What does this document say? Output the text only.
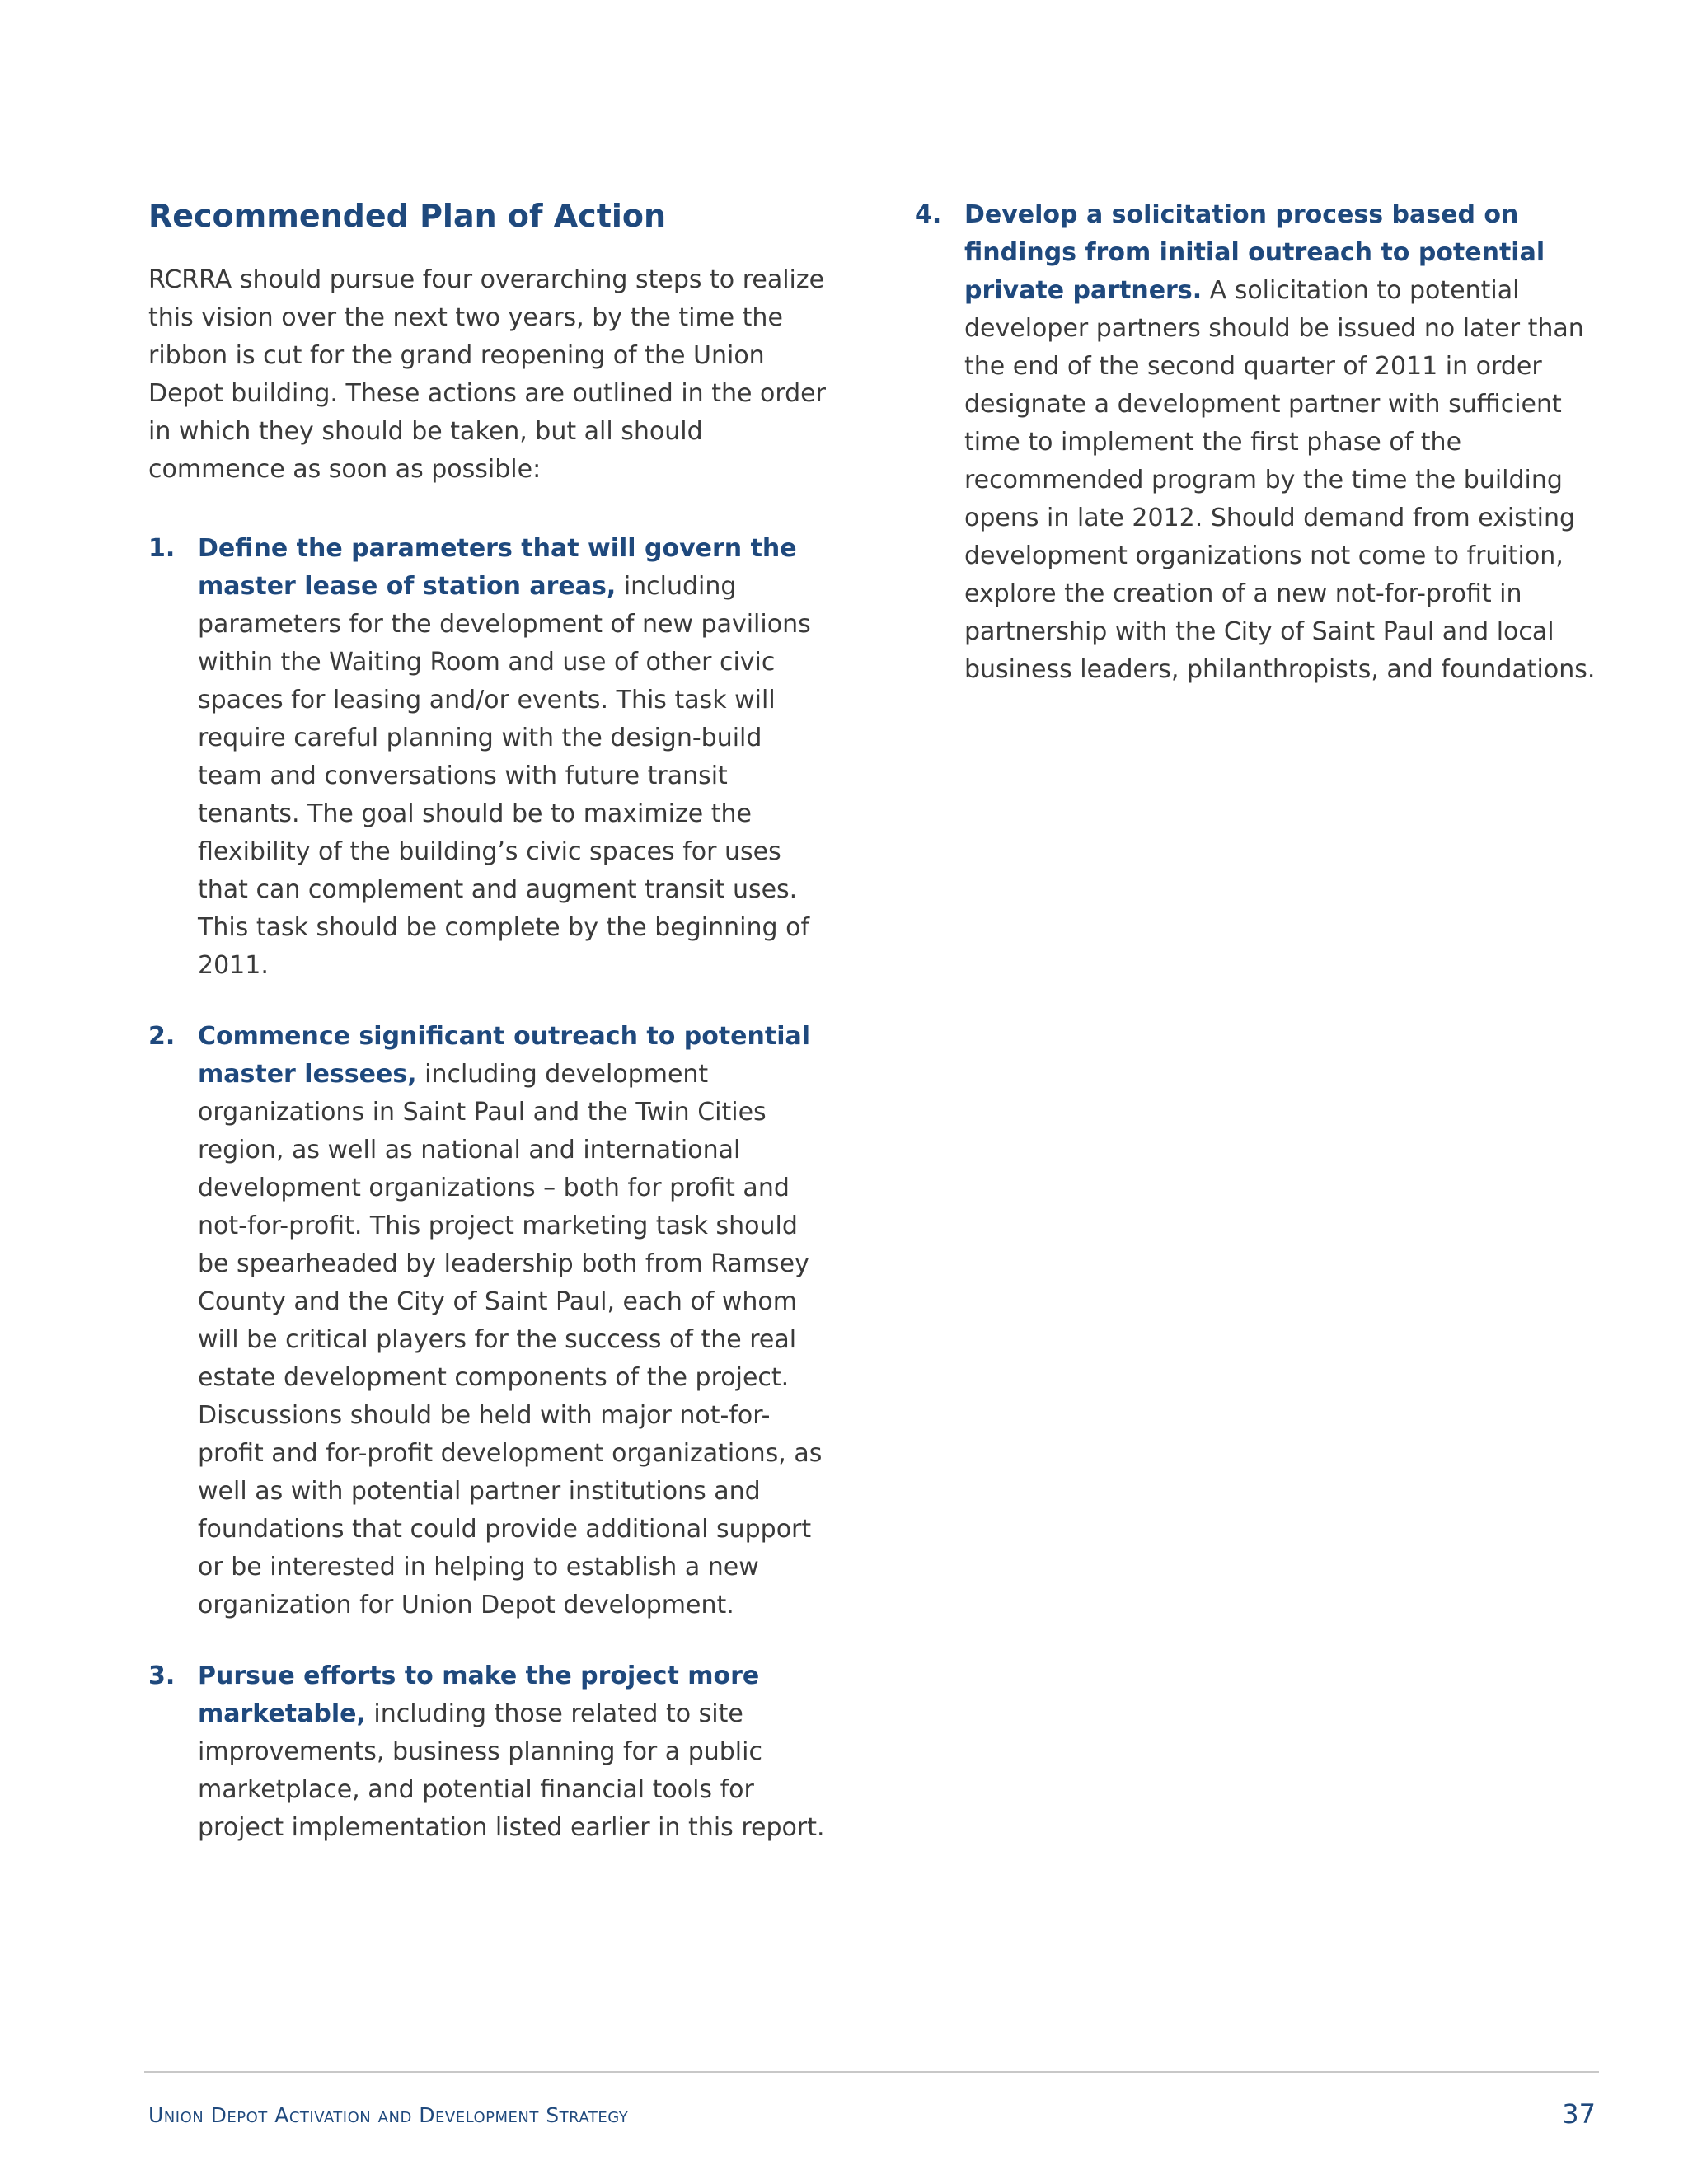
Recommended Plan of Action

RCRRA should pursue four overarching steps to realize this vision over the next two years, by the time the ribbon is cut for the grand reopening of the Union Depot building. These actions are outlined in the order in which they should be taken, but all should commence as soon as possible:

1. Define the parameters that will govern the master lease of station areas, including parameters for the development of new pavilions within the Waiting Room and use of other civic spaces for leasing and/or events. This task will require careful planning with the design-build team and conversations with future transit tenants. The goal should be to maximize the flexibility of the building’s civic spaces for uses that can complement and augment transit uses. This task should be complete by the beginning of 2011.
2. Commence significant outreach to potential master lessees, including development organizations in Saint Paul and the Twin Cities region, as well as national and international development organizations – both for profit and not-for-profit. This project marketing task should be spearheaded by leadership both from Ramsey County and the City of Saint Paul, each of whom will be critical players for the success of the real estate development components of the project. Discussions should be held with major not-for-profit and for-profit development organizations, as well as with potential partner institutions and foundations that could provide additional support or be interested in helping to establish a new organization for Union Depot development.
3. Pursue efforts to make the project more marketable, including those related to site improvements, business planning for a public marketplace, and potential financial tools for project implementation listed earlier in this report.
4. Develop a solicitation process based on findings from initial outreach to potential private partners. A solicitation to potential developer partners should be issued no later than the end of the second quarter of 2011 in order designate a development partner with sufficient time to implement the first phase of the recommended program by the time the building opens in late 2012. Should demand from existing development organizations not come to fruition, explore the creation of a new not-for-profit in partnership with the City of Saint Paul and local business leaders, philanthropists, and foundations.
Union Depot Activation and Development Strategy	37
